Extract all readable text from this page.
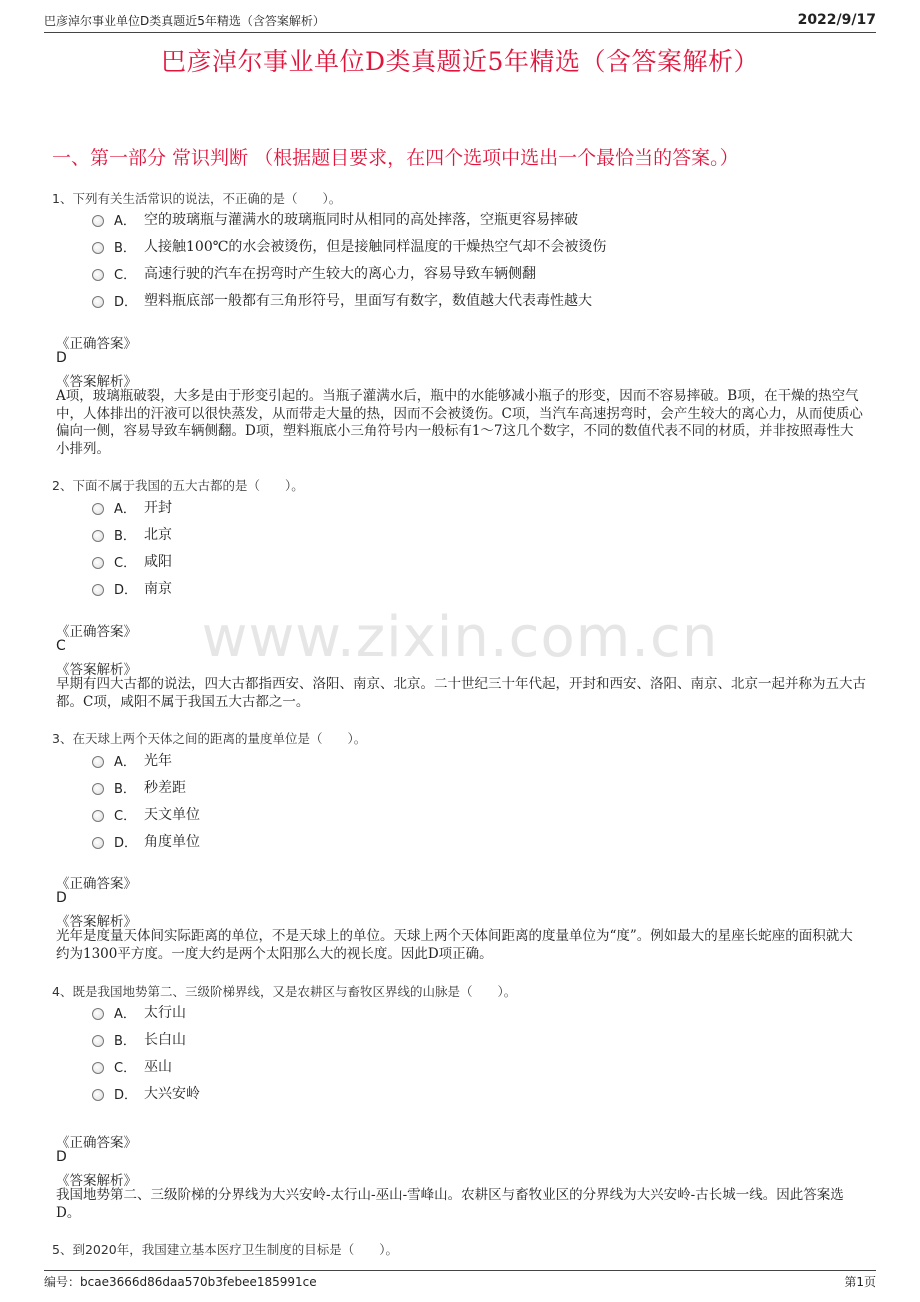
巴彦淖尔事业单位D类真题近5年精选（含答案解析）	2022/9/17
巴彦淖尔事业单位D类真题近5年精选（含答案解析）
一、第一部分 常识判断 （根据题目要求，在四个选项中选出一个最恰当的答案。）
www.zixin.com.cn
1、下列有关生活常识的说法，不正确的是（　　）。
A． 空的玻璃瓶与灌满水的玻璃瓶同时从相同的高处摔落，空瓶更容易摔破
B． 人接触100℃的水会被烫伤，但是接触同样温度的干燥热空气却不会被烫伤
C． 高速行驶的汽车在拐弯时产生较大的离心力，容易导致车辆侧翻
D． 塑料瓶底部一般都有三角形符号，里面写有数字，数值越大代表毒性越大
《正确答案》
D
《答案解析》
A项，玻璃瓶破裂，大多是由于形变引起的。当瓶子灌满水后，瓶中的水能够减小瓶子的形变，因而不容易摔破。B项，在干燥的热空气中，人体排出的汗液可以很快蒸发，从而带走大量的热，因而不会被烫伤。C项，当汽车高速拐弯时，会产生较大的离心力，从而使质心偏向一侧，容易导致车辆侧翻。D项，塑料瓶底小三角符号内一般标有1～7这几个数字，不同的数值代表不同的材质，并非按照毒性大小排列。
2、下面不属于我国的五大古都的是（　　）。
A． 开封
B． 北京
C． 咸阳
D． 南京
《正确答案》
C
《答案解析》
早期有四大古都的说法，四大古都指西安、洛阳、南京、北京。二十世纪三十年代起，开封和西安、洛阳、南京、北京一起并称为五大古都。C项，咸阳不属于我国五大古都之一。
3、在天球上两个天体之间的距离的量度单位是（　　）。
A． 光年
B． 秒差距
C． 天文单位
D． 角度单位
《正确答案》
D
《答案解析》
光年是度量天体间实际距离的单位，不是天球上的单位。天球上两个天体间距离的度量单位为“度”。例如最大的星座长蛇座的面积就大约为1300平方度。一度大约是两个太阳那么大的视长度。因此D项正确。
4、既是我国地势第二、三级阶梯界线，又是农耕区与畜牧区界线的山脉是（　　）。
A． 太行山
B． 长白山
C． 巫山
D． 大兴安岭
《正确答案》
D
《答案解析》
我国地势第二、三级阶梯的分界线为大兴安岭-太行山-巫山-雪峰山。农耕区与畜牧业区的分界线为大兴安岭-古长城一线。因此答案选D。
5、到2020年，我国建立基本医疗卫生制度的目标是（　　）。
编号：bcae3666d86daa570b3febee185991ce	第1页
